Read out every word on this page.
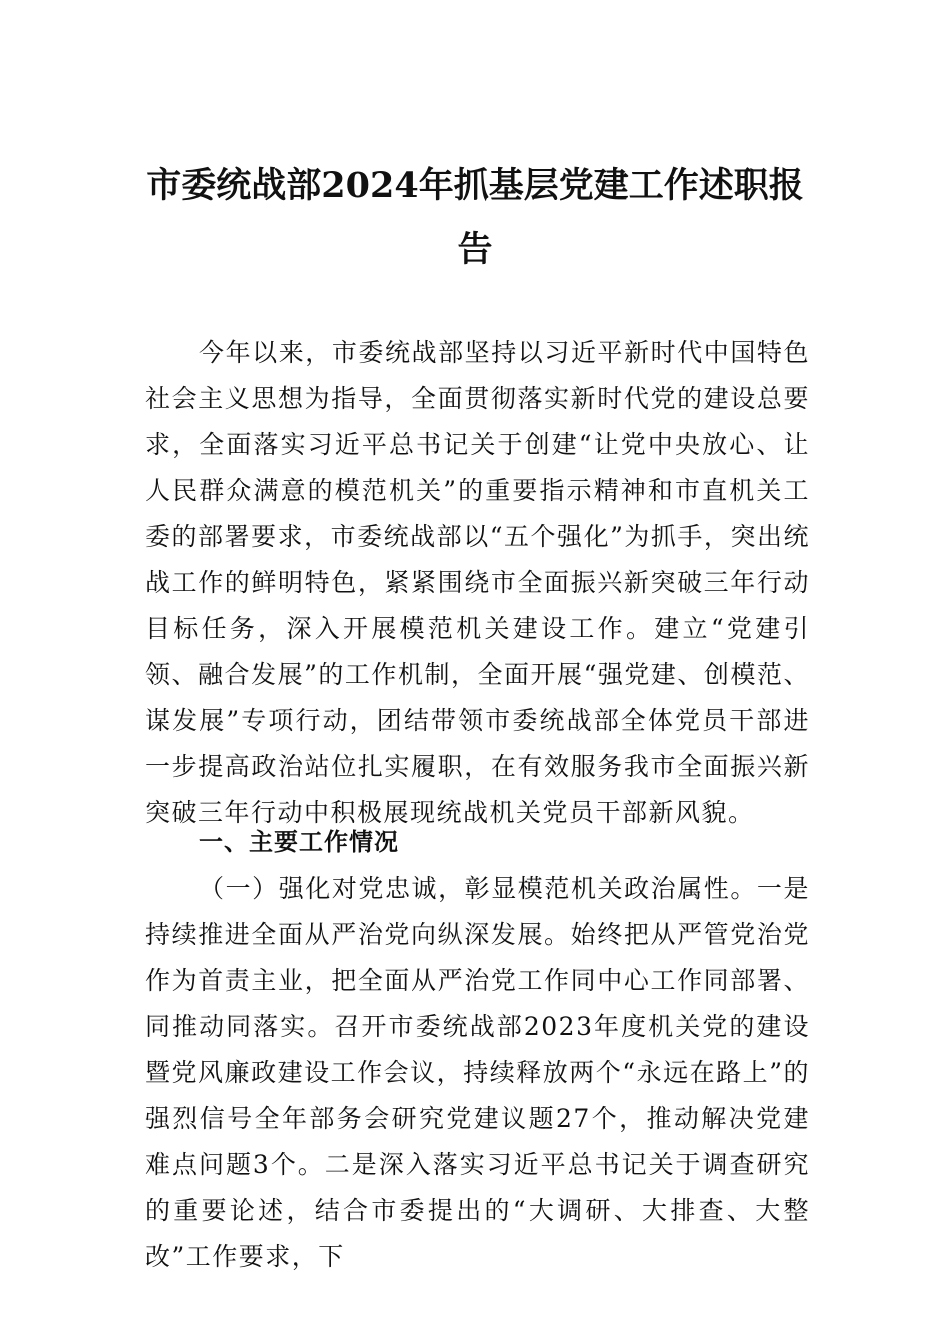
市委统战部2024年抓基层党建工作述职报
告
今年以来，市委统战部坚持以习近平新时代中国特色社会主义思想为指导，全面贯彻落实新时代党的建设总要求，全面落实习近平总书记关于创建“让党中央放心、让人民群众满意的模范机关”的重要指示精神和市直机关工委的部署要求，市委统战部以“五个强化”为抓手，突出统战工作的鲜明特色，紧紧围绕市全面振兴新突破三年行动目标任务，深入开展模范机关建设工作。建立“党建引领、融合发展”的工作机制，全面开展“强党建、创模范、谋发展”专项行动，团结带领市委统战部全体党员干部进一步提高政治站位扎实履职，在有效服务我市全面振兴新突破三年行动中积极展现统战机关党员干部新风貌。
一、主要工作情况
（一）强化对党忠诚，彰显模范机关政治属性。一是持续推进全面从严治党向纵深发展。始终把从严管党治党作为首责主业，把全面从严治党工作同中心工作同部署、同推动同落实。召开市委统战部2023年度机关党的建设暨党风廉政建设工作会议，持续释放两个“永远在路上”的强烈信号全年部务会研究党建议题27个，推动解决党建难点问题3个。二是深入落实习近平总书记关于调查研究的重要论述，结合市委提出的“大调研、大排查、大整改”工作要求，下
